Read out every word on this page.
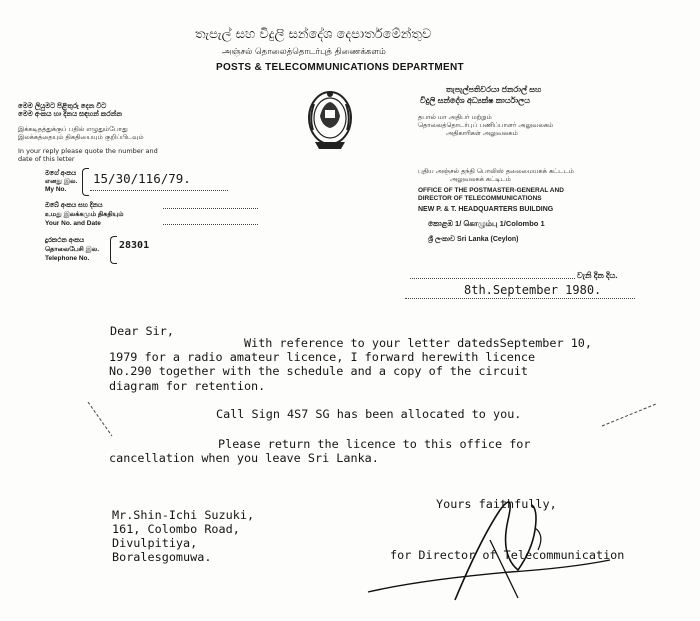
තැපැල් සහ විදුලි සන්දේශ දෙපාර්තමේන්තුව
அஞ்சல் தொலைத்தொடர்புத் திணைக்களம்
POSTS & TELECOMMUNICATIONS DEPARTMENT
මෙම ලියුමට පිළිතුරු දෙන විට
මෙම අංකය හා දිනය සඳහන් කරන්න
இக்கடிதத்துக்குப் பதில் எழுதும்போது
இலக்கத்தையும் திகதியையும் குறிப்பிடவும்
In your reply please quote the number and
date of this letter
මගේ අංකය
எனது இல.
My No.
15/30/116/79.
ඔබේ අංකය සහ දිනය
உமது இலக்கமும் திகதியும்
Your No. and Date
දුරකථන අංකය
தொலைபேசி இல.
Telephone No.
28301
තැපැල්පතිවරයා ජනරාල් සහ
විදුලි සන්දේශ අධ්‍යක්ෂ කාර්යාලය
தபால் மா அதிபர் மற்றும்
தொலைத்தொடர்புப் பணிப்பாளர் அலுவலகம்
அதிகாரிகள் அலுவலகம்
புதிய அஞ்சல் தந்தி பொலிஸ் தலைமையகக் கட்டடம்
அலுவலகக் கட்டிடம்
OFFICE OF THE POSTMASTER-GENERAL AND
DIRECTOR OF TELECOMMUNICATIONS
NEW P. & T. HEADQUARTERS BUILDING
කොළඹ 1/ கொழும்பு 1/Colombo 1
ශ්‍රී ලංකාව Sri Lanka (Ceylon)
වැනි දින දිය.
8th.September 1980.
Dear Sir,
With reference to your letter datedsSeptember 10,
1979 for a radio amateur licence, I forward herewith licence
No.290 together with the schedule and a copy of the circuit
diagram for retention.
Call Sign 4S7 SG has been allocated to you.
Please return the licence to this office for
cancellation when you leave Sri Lanka.
Yours faithfully,
for Director of Telecommunication
Mr.Shin-Ichi Suzuki,
161, Colombo Road,
Divulpitiya,
Boralesgomuwa.
